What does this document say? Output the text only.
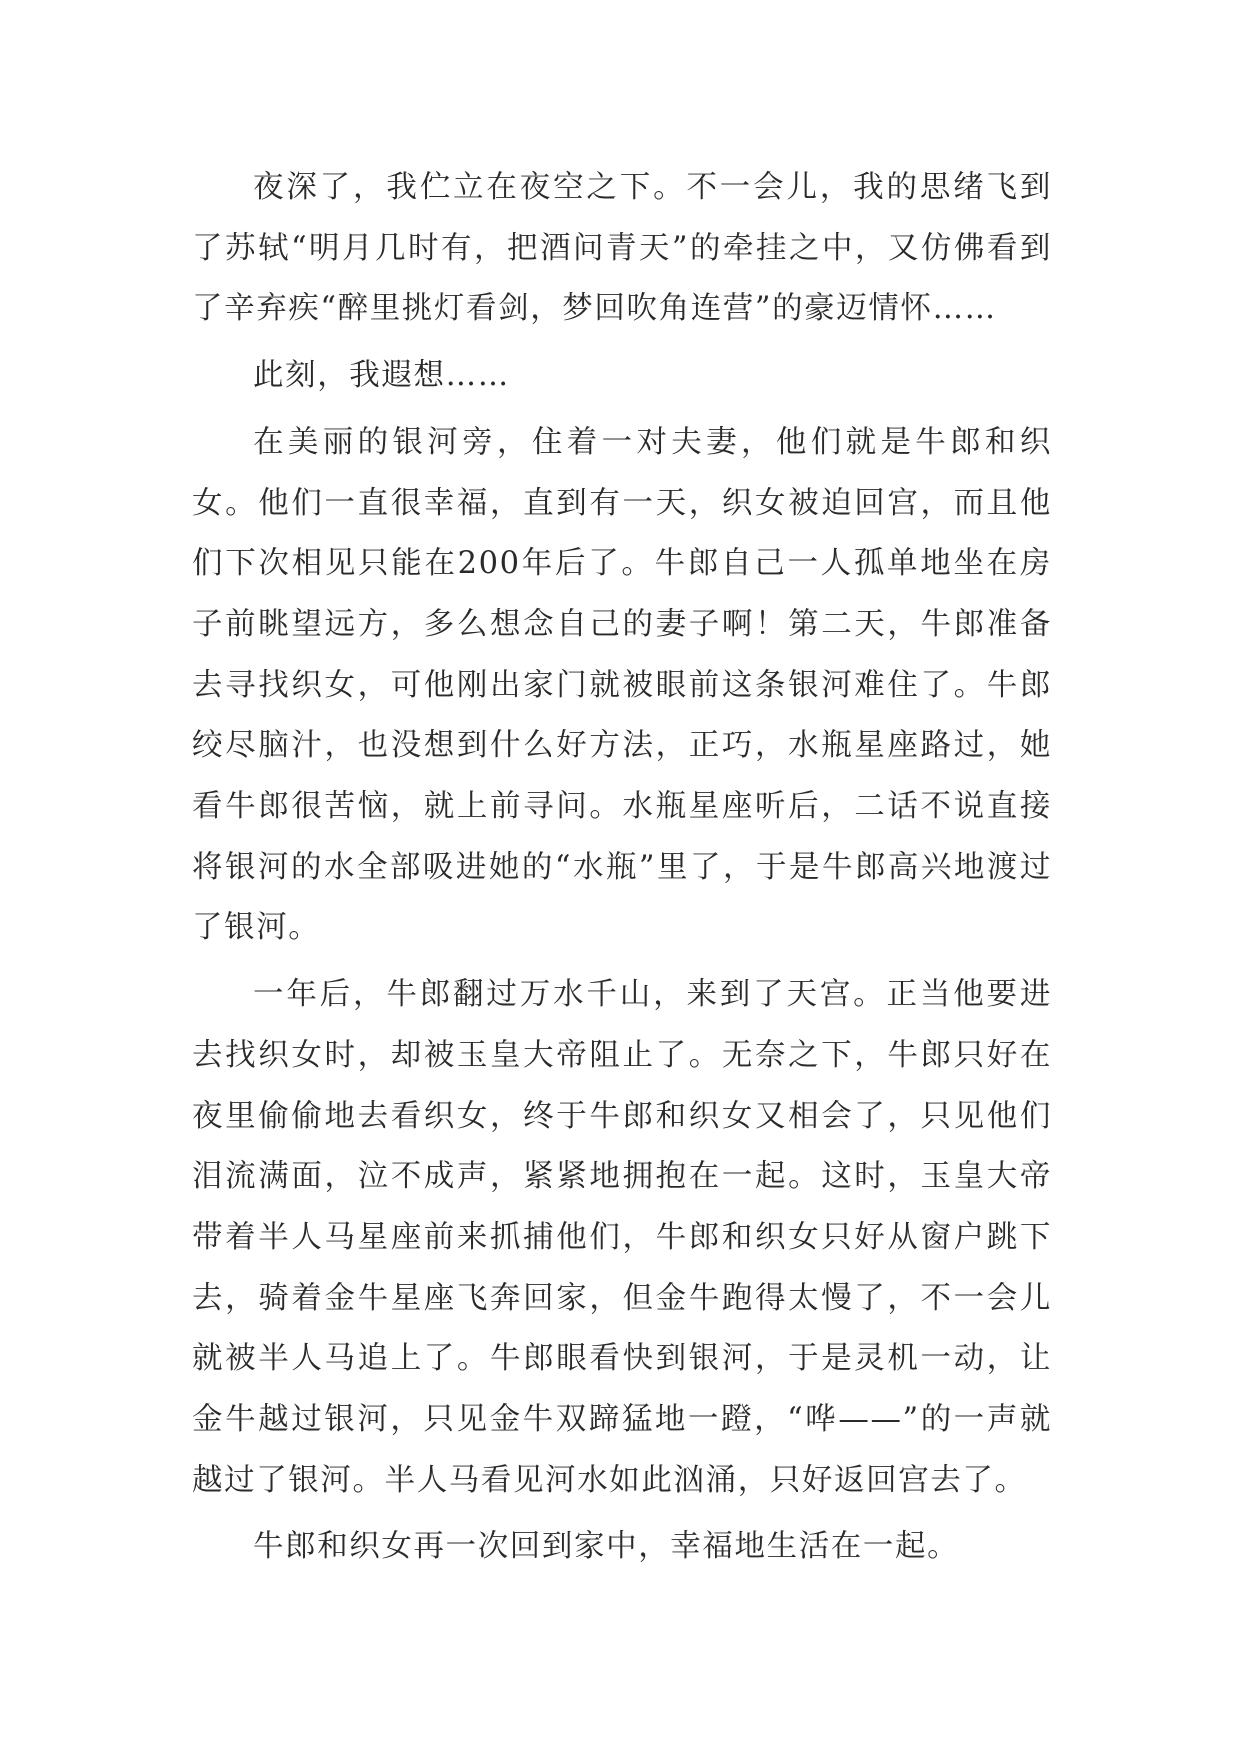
夜深了，我伫立在夜空之下。不一会儿，我的思绪飞到了苏轼“明月几时有，把酒问青天”的牵挂之中，又仿佛看到了辛弃疾“醉里挑灯看剑，梦回吹角连营”的豪迈情怀……

此刻，我遐想……

在美丽的银河旁，住着一对夫妻，他们就是牛郎和织女。他们一直很幸福，直到有一天，织女被迫回宫，而且他们下次相见只能在200年后了。牛郎自己一人孤单地坐在房子前眺望远方，多么想念自己的妻子啊！第二天，牛郎准备去寻找织女，可他刚出家门就被眼前这条银河难住了。牛郎绞尽脑汁，也没想到什么好方法，正巧，水瓶星座路过，她看牛郎很苦恼，就上前寻问。水瓶星座听后，二话不说直接将银河的水全部吸进她的“水瓶”里了，于是牛郎高兴地渡过了银河。

一年后，牛郎翻过万水千山，来到了天宫。正当他要进去找织女时，却被玉皇大帝阻止了。无奈之下，牛郎只好在夜里偷偷地去看织女，终于牛郎和织女又相会了，只见他们泪流满面，泣不成声，紧紧地拥抱在一起。这时，玉皇大帝带着半人马星座前来抓捕他们，牛郎和织女只好从窗户跳下去，骑着金牛星座飞奔回家，但金牛跑得太慢了，不一会儿就被半人马追上了。牛郎眼看快到银河，于是灵机一动，让金牛越过银河，只见金牛双蹄猛地一蹬，“哗——”的一声就越过了银河。半人马看见河水如此汹涌，只好返回宫去了。

牛郎和织女再一次回到家中，幸福地生活在一起。
